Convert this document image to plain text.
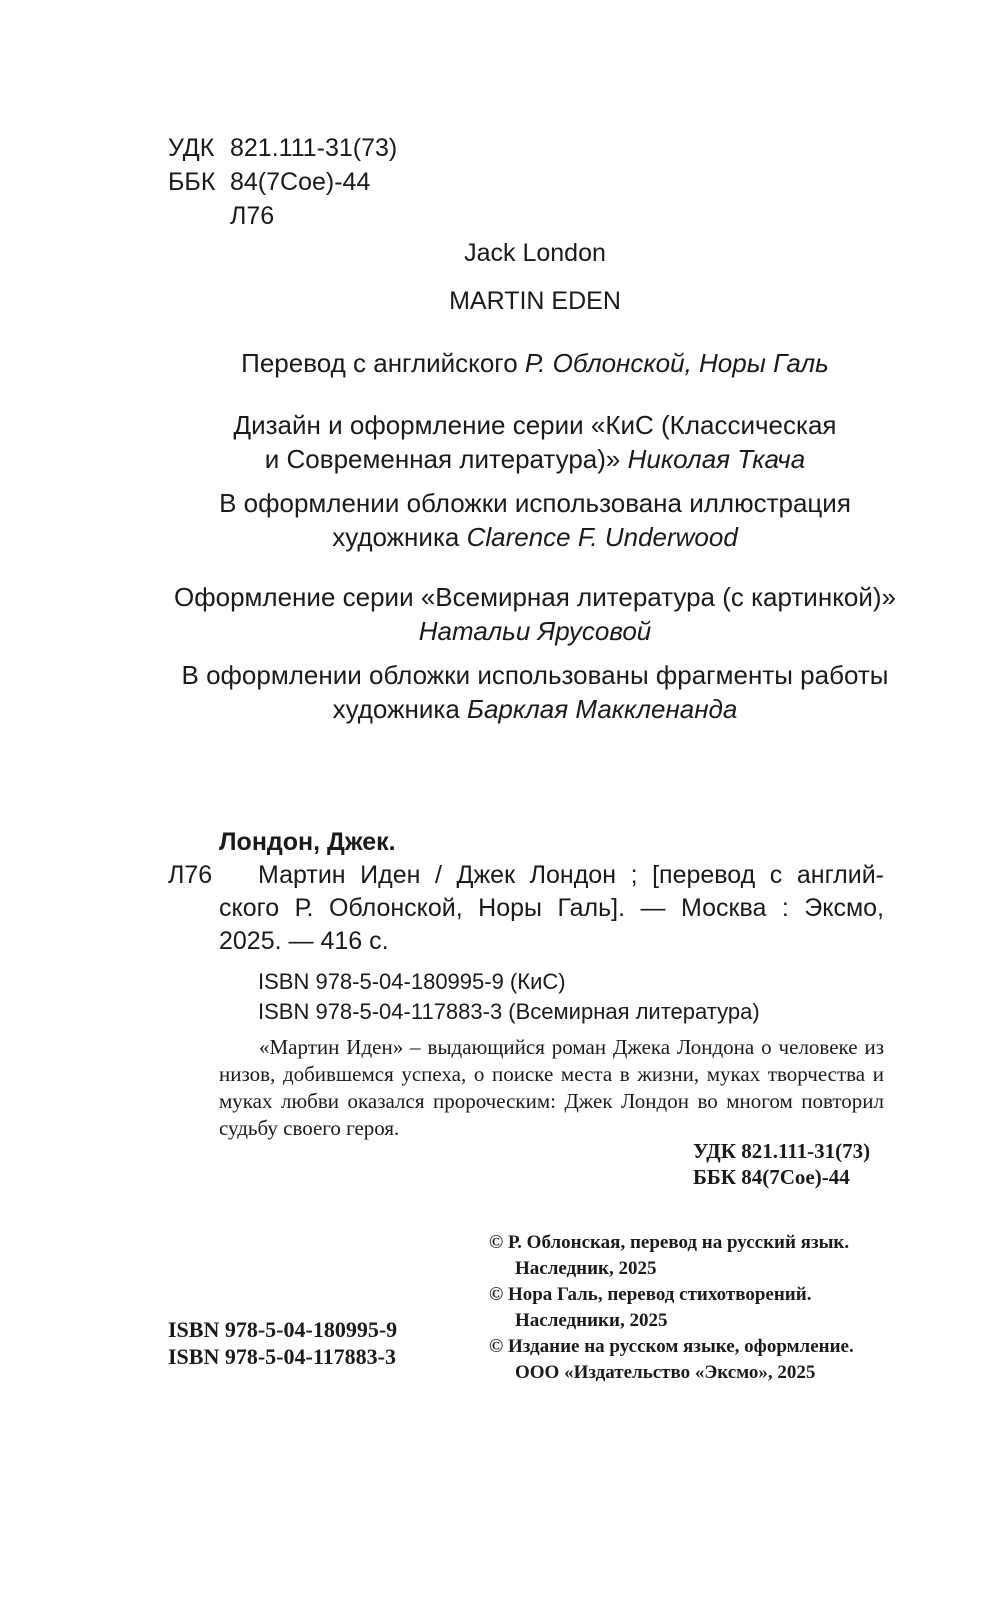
УДК 821.111-31(73)
ББК 84(7Сое)-44
Л76
Jack London
MARTIN EDEN
Перевод с английского Р. Облонской, Норы Галь
Дизайн и оформление серии «КиС (Классическая
и Современная литература)» Николая Ткача
В оформлении обложки использована иллюстрация
художника Clarence F. Underwood
Оформление серии «Всемирная литература (с картинкой)»
Натальи Ярусовой
В оформлении обложки использованы фрагменты работы
художника Барклая Маккленанда
Лондон, Джек.
Л76 Мартин Иден / Джек Лондон ; [перевод с англий-
ского Р. Облонской, Норы Галь]. — Москва : Эксмо,
2025. — 416 с.
ISBN 978-5-04-180995-9 (КиС)
ISBN 978-5-04-117883-3 (Всемирная литература)
«Мартин Иден» – выдающийся роман Джека Лондона о человеке из низов, добившемся успеха, о поиске места в жизни, муках творчества и муках любви оказался пророческим: Джек Лондон во многом повторил судьбу своего героя.
УДК 821.111-31(73)
ББК 84(7Сое)-44
ISBN 978-5-04-180995-9
ISBN 978-5-04-117883-3
© Р. Облонская, перевод на русский язык.
Наследник, 2025
© Нора Галь, перевод стихотворений.
Наследники, 2025
© Издание на русском языке, оформление.
ООО «Издательство «Эксмо», 2025
